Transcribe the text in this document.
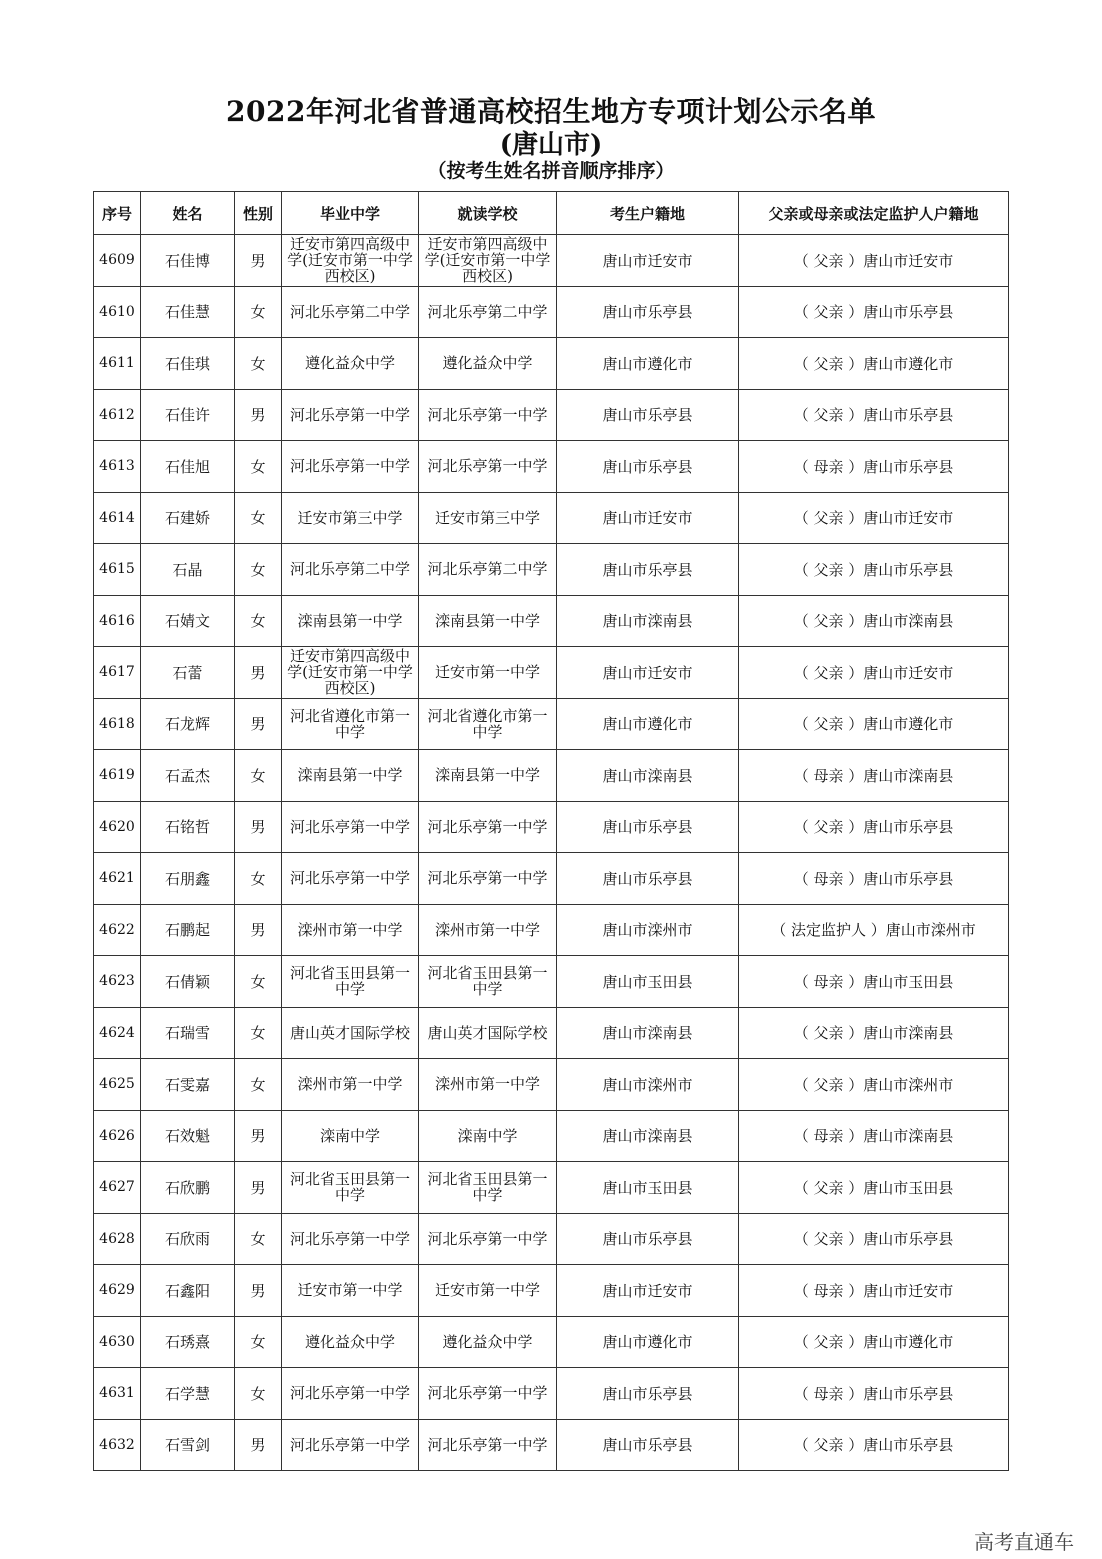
2022年河北省普通高校招生地方专项计划公示名单
(唐山市)
（按考生姓名拼音顺序排序）
序号	姓名	性别	毕业中学	就读学校	考生户籍地	父亲或母亲或法定监护人户籍地
4609	石佳博	男	迁安市第四高级中学(迁安市第一中学西校区)	迁安市第四高级中学(迁安市第一中学西校区)	唐山市迁安市	（ 父亲 ）唐山市迁安市
4610	石佳慧	女	河北乐亭第二中学	河北乐亭第二中学	唐山市乐亭县	（ 父亲 ）唐山市乐亭县
4611	石佳琪	女	遵化益众中学	遵化益众中学	唐山市遵化市	（ 父亲 ）唐山市遵化市
4612	石佳许	男	河北乐亭第一中学	河北乐亭第一中学	唐山市乐亭县	（ 父亲 ）唐山市乐亭县
4613	石佳旭	女	河北乐亭第一中学	河北乐亭第一中学	唐山市乐亭县	（ 母亲 ）唐山市乐亭县
4614	石建娇	女	迁安市第三中学	迁安市第三中学	唐山市迁安市	（ 父亲 ）唐山市迁安市
4615	石晶	女	河北乐亭第二中学	河北乐亭第二中学	唐山市乐亭县	（ 父亲 ）唐山市乐亭县
4616	石婧文	女	滦南县第一中学	滦南县第一中学	唐山市滦南县	（ 父亲 ）唐山市滦南县
4617	石蕾	男	迁安市第四高级中学(迁安市第一中学西校区)	迁安市第一中学	唐山市迁安市	（ 父亲 ）唐山市迁安市
4618	石龙辉	男	河北省遵化市第一中学	河北省遵化市第一中学	唐山市遵化市	（ 父亲 ）唐山市遵化市
4619	石孟杰	女	滦南县第一中学	滦南县第一中学	唐山市滦南县	（ 母亲 ）唐山市滦南县
4620	石铭哲	男	河北乐亭第一中学	河北乐亭第一中学	唐山市乐亭县	（ 父亲 ）唐山市乐亭县
4621	石朋鑫	女	河北乐亭第一中学	河北乐亭第一中学	唐山市乐亭县	（ 母亲 ）唐山市乐亭县
4622	石鹏起	男	滦州市第一中学	滦州市第一中学	唐山市滦州市	（ 法定监护人 ）唐山市滦州市
4623	石倩颖	女	河北省玉田县第一中学	河北省玉田县第一中学	唐山市玉田县	（ 母亲 ）唐山市玉田县
4624	石瑞雪	女	唐山英才国际学校	唐山英才国际学校	唐山市滦南县	（ 父亲 ）唐山市滦南县
4625	石雯嘉	女	滦州市第一中学	滦州市第一中学	唐山市滦州市	（ 父亲 ）唐山市滦州市
4626	石效魁	男	滦南中学	滦南中学	唐山市滦南县	（ 母亲 ）唐山市滦南县
4627	石欣鹏	男	河北省玉田县第一中学	河北省玉田县第一中学	唐山市玉田县	（ 父亲 ）唐山市玉田县
4628	石欣雨	女	河北乐亭第一中学	河北乐亭第一中学	唐山市乐亭县	（ 父亲 ）唐山市乐亭县
4629	石鑫阳	男	迁安市第一中学	迁安市第一中学	唐山市迁安市	（ 母亲 ）唐山市迁安市
4630	石琇熹	女	遵化益众中学	遵化益众中学	唐山市遵化市	（ 父亲 ）唐山市遵化市
4631	石学慧	女	河北乐亭第一中学	河北乐亭第一中学	唐山市乐亭县	（ 母亲 ）唐山市乐亭县
4632	石雪剑	男	河北乐亭第一中学	河北乐亭第一中学	唐山市乐亭县	（ 父亲 ）唐山市乐亭县
高考直通车
